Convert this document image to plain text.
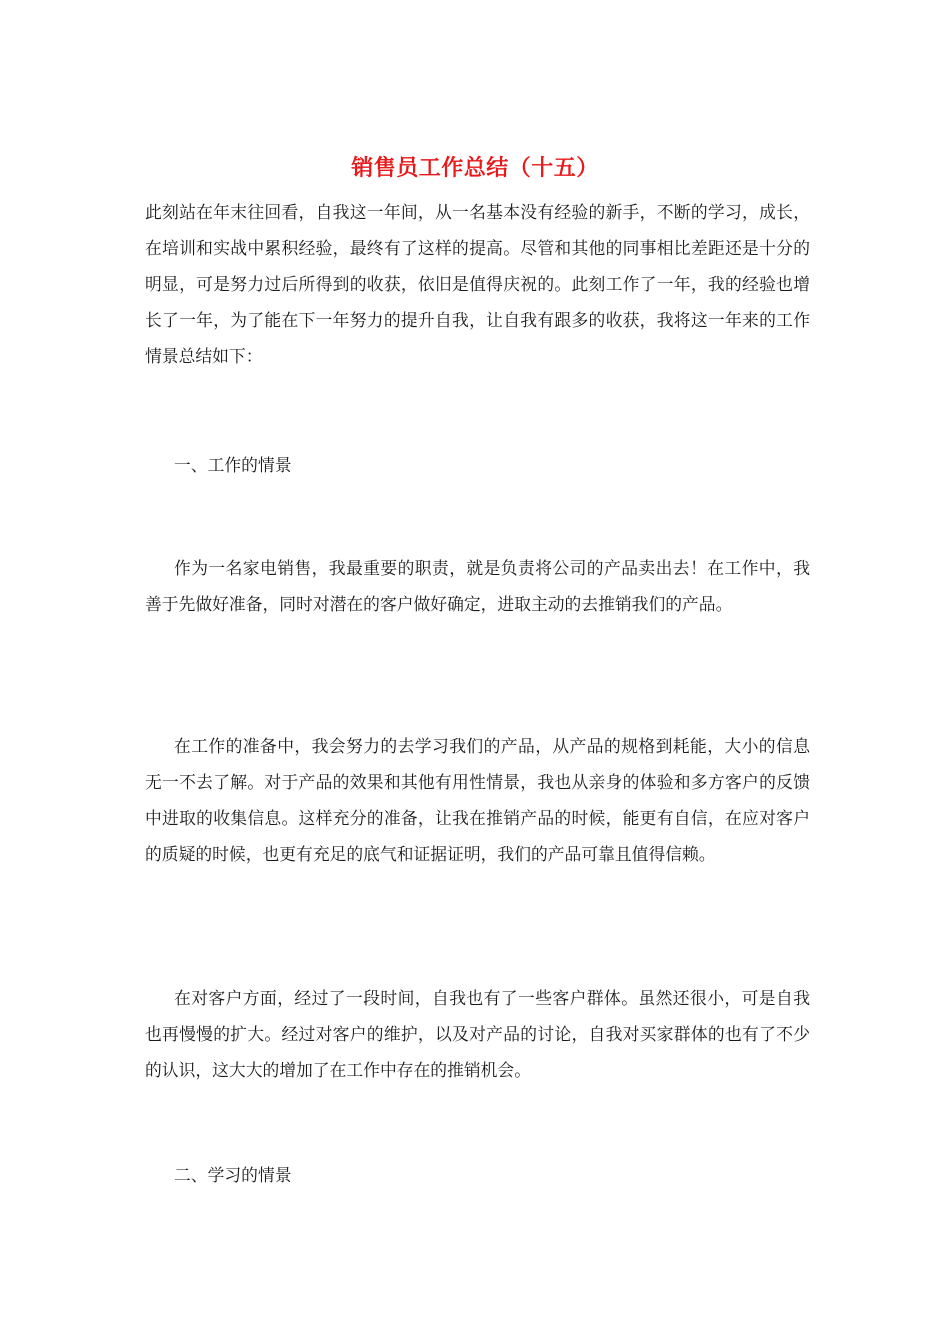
销售员工作总结（十五）

此刻站在年末往回看，自我这一年间，从一名基本没有经验的新手，不断的学习，成长，在培训和实战中累积经验，最终有了这样的提高。尽管和其他的同事相比差距还是十分的明显，可是努力过后所得到的收获，依旧是值得庆祝的。此刻工作了一年，我的经验也增长了一年，为了能在下一年努力的提升自我，让自我有跟多的收获，我将这一年来的工作情景总结如下：

一、工作的情景

作为一名家电销售，我最重要的职责，就是负责将公司的产品卖出去！在工作中，我善于先做好准备，同时对潜在的客户做好确定，进取主动的去推销我们的产品。

在工作的准备中，我会努力的去学习我们的产品，从产品的规格到耗能，大小的信息无一不去了解。对于产品的效果和其他有用性情景，我也从亲身的体验和多方客户的反馈中进取的收集信息。这样充分的准备，让我在推销产品的时候，能更有自信，在应对客户的质疑的时候，也更有充足的底气和证据证明，我们的产品可靠且值得信赖。

在对客户方面，经过了一段时间，自我也有了一些客户群体。虽然还很小，可是自我也再慢慢的扩大。经过对客户的维护，以及对产品的讨论，自我对买家群体的也有了不少的认识，这大大的增加了在工作中存在的推销机会。

二、学习的情景
